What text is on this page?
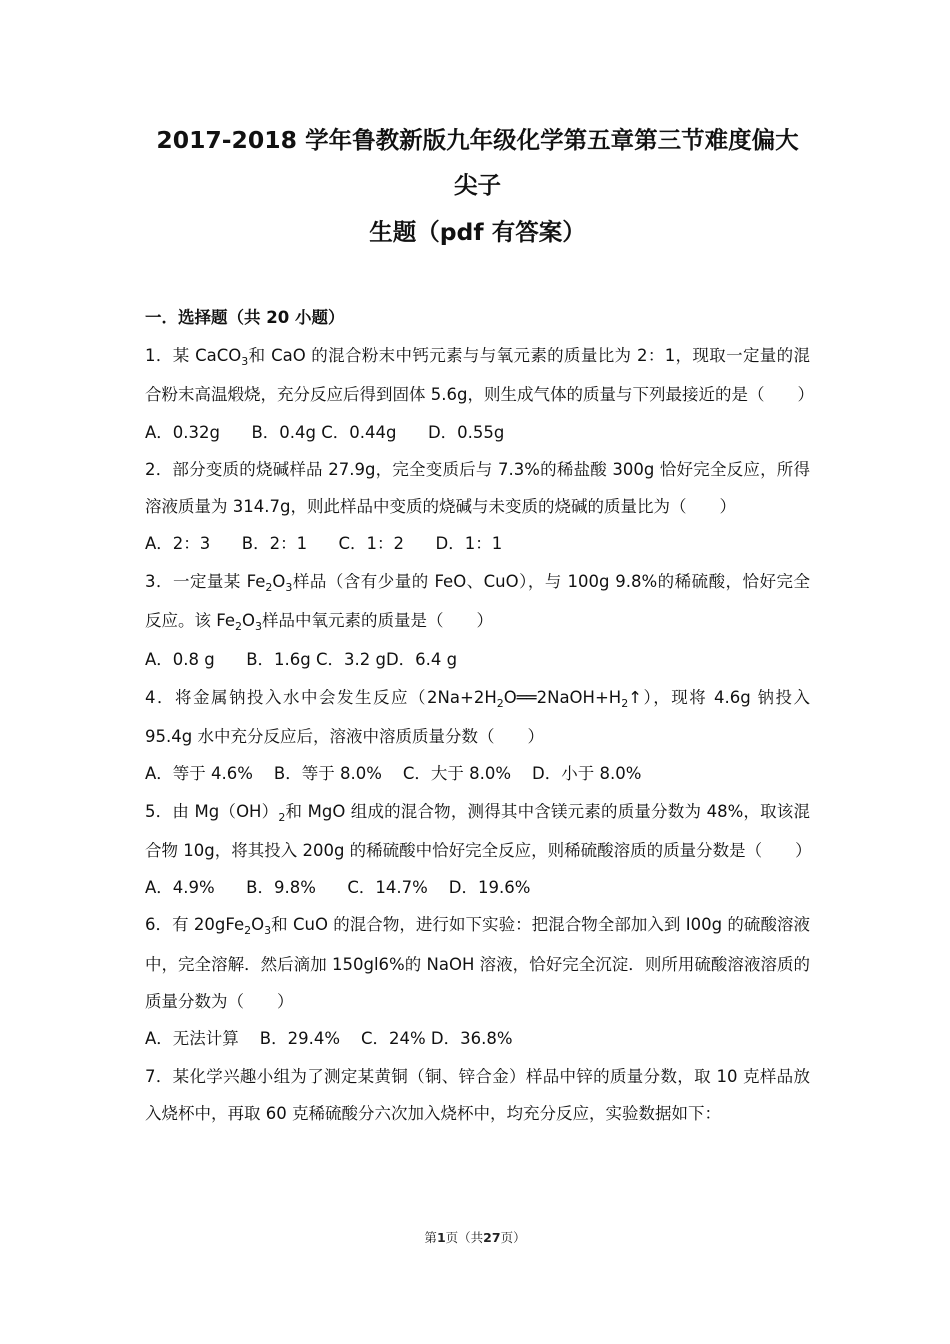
2017-2018 学年鲁教新版九年级化学第五章第三节难度偏大尖子
生题（pdf 有答案）
一．选择题（共 20 小题）

1．某 CaCO$_3$和 CaO 的混合粉末中钙元素与与氧元素的质量比为 2：1，现取一定量的混合粉末高温煅烧，充分反应后得到固体 5.6g，则生成气体的质量与下列最接近的是（　　）

A．0.32g      B．0.4g C．0.44g      D．0.55g

2．部分变质的烧碱样品 27.9g，完全变质后与 7.3%的稀盐酸 300g 恰好完全反应，所得溶液质量为 314.7g，则此样品中变质的烧碱与未变质的烧碱的质量比为（　　）

A．2：3      B．2：1      C．1：2      D．1：1

3．一定量某 $Fe_2O_3$样品（含有少量的 FeO、CuO），与 100g 9.8%的稀硫酸，恰好完全反应。该 $Fe_2O_3$样品中氧元素的质量是（　　）

A．0.8 g      B．1.6g C．3.2 gD．6.4 g

4．将金属钠投入水中会发生反应$(2Na+2H_2O══2NaOH+H_2↑)$，现将 4.6g 钠投入 95.4g 水中充分反应后，溶液中溶质质量分数（　　）

A．等于 4.6%    B．等于 8.0%    C．大于 8.0%    D．小于 8.0%

5．由 $Mg(OH)_2$和 MgO 组成的混合物，测得其中含镁元素的质量分数为 48%，取该混合物 10g，将其投入 200g 的稀硫酸中恰好完全反应，则稀硫酸溶质的质量分数是（　　）

A．4.9%      B．9.8%      C．14.7%    D．19.6%

6．有 $20gFe_2O_3$和 CuO 的混合物，进行如下实验：把混合物全部加入到 I00g 的硫酸溶液中，完全溶解．然后滴加 150gl6%的 NaOH 溶液，恰好完全沉淀．则所用硫酸溶液溶质的质量分数为（　　）

A．无法计算    B．29.4%    C．24% D．36.8%

7．某化学兴趣小组为了测定某黄铜（铜、锌合金）样品中锌的质量分数，取 10 克样品放入烧杯中，再取 60 克稀硫酸分六次加入烧杯中，均充分反应，实验数据如下：

第1页（共27页）
